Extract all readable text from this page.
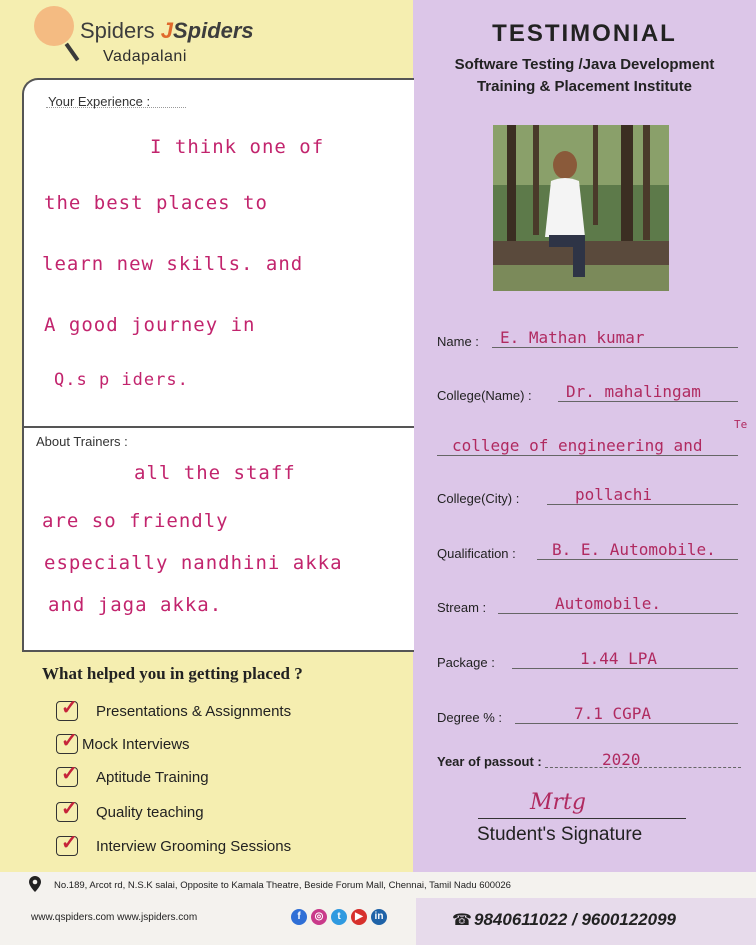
Spiders JSpiders
Vadapalani
Your Experience :
I think one of
the best places to
learn new skills. and
A good journey in
Q.s p iders.
About Trainers :
all the staff
are so friendly
especially nandhini akka
and jaga akka.
What helped you in getting placed ?
✓ Presentations & Assignments
✓ Mock Interviews
✓ Aptitude Training
✓ Quality teaching
✓ Interview Grooming Sessions
TESTIMONIAL
Software Testing /Java Development
Training & Placement Institute
Name : E. Mathan kumar
College(Name) : Dr. mahalingam
college of engineering and
Te
College(City) :	pollachi
Qualification : B. E. Automobile.
Stream :	Automobile.
Package :	1.44 LPA
Degree % :	7.1 CGPA
Year of passout :	2020
Mrtg
Student's Signature
No.189, Arcot rd, N.S.K salai, Opposite to Kamala Theatre, Beside Forum Mall, Chennai, Tamil Nadu 600026
www.qspiders.com www.jspiders.com	f	◎	t	▶	in	☎ 9840611022 / 9600122099
